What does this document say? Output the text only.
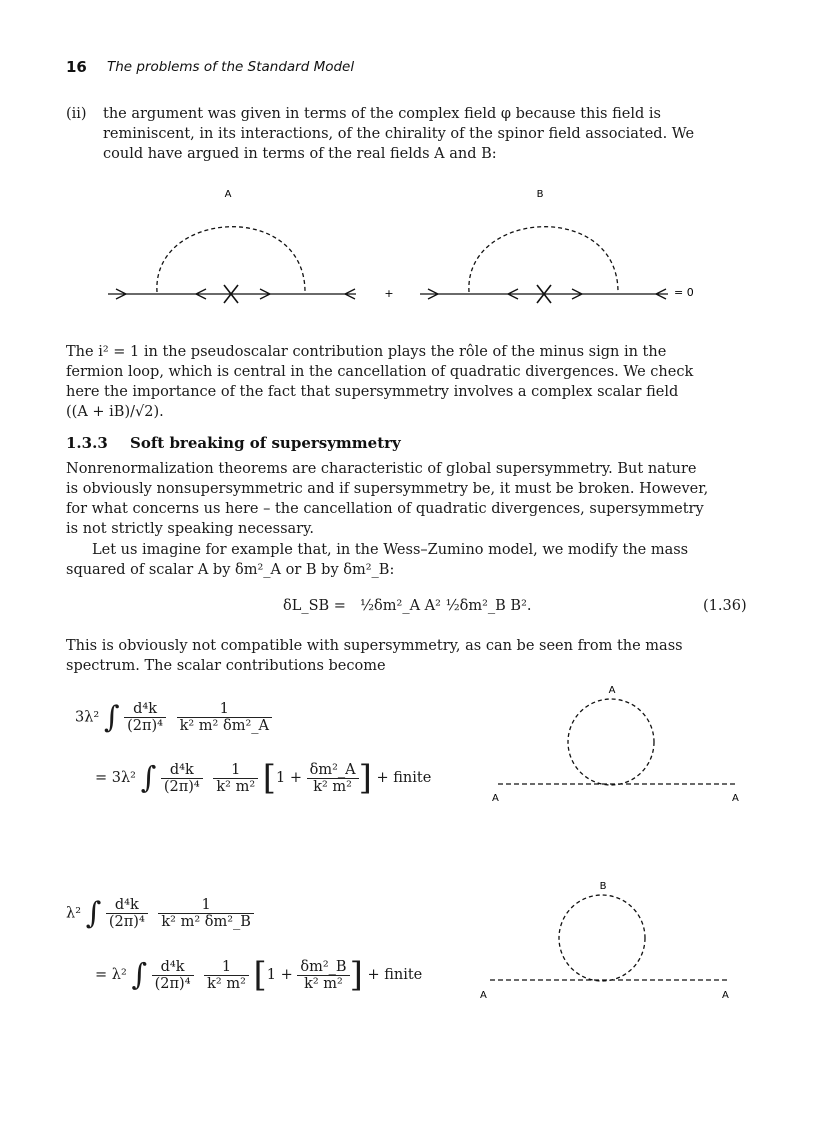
16 The problems of the Standard Model
(ii) the argument was given in terms of the complex field φ because this field is
reminiscent, in its interactions, of the chirality of the spinor field associated. We
could have argued in terms of the real fields A and B:
A
+
B
= 0
The i² = 1 in the pseudoscalar contribution plays the rôle of the minus sign in the
fermion loop, which is central in the cancellation of quadratic divergences. We check
here the importance of the fact that supersymmetry involves a complex scalar field
((A + iB)/√2).
1.3.3 Soft breaking of supersymmetry
Nonrenormalization theorems are characteristic of global supersymmetry. But nature
is obviously nonsupersymmetric and if supersymmetry be, it must be broken. However,
for what concerns us here – the cancellation of quadratic divergences, supersymmetry
is not strictly speaking necessary.
Let us imagine for example that, in the Wess–Zumino model, we modify the mass
squared of scalar A by δm²_A or B by δm²_B:
δL_SB = ½δm²_A A² ½δm²_B B².	(1.36)
This is obviously not compatible with supersymmetry, as can be seen from the mass
spectrum. The scalar contributions become
3λ² ∫ $\frac{\text{d⁴k}}{\text{(2π)⁴}}$
$\frac{1}{\text{k² m² δm²\_A}}$
= 3λ² ∫ $\frac{\text{d⁴k}}{\text{(2π)⁴}}$
$\frac{1}{\text{k² m²}} [1 + \frac{\text{δm²\_A}}{\text{k² m²}}$ ] + finite
A
A	A
λ² ∫ $\frac{\text{d⁴k}}{\text{(2π)⁴}}$
$\frac{1}{\text{k² m² δm²\_B}}$
= λ² ∫ $\frac{\text{d⁴k}}{\text{(2π)⁴}}$
$\frac{1}{\text{k² m²}} [1 + \frac{\text{δm²\_B}}{\text{k² m²}}$ ] + finite
B
A	A
